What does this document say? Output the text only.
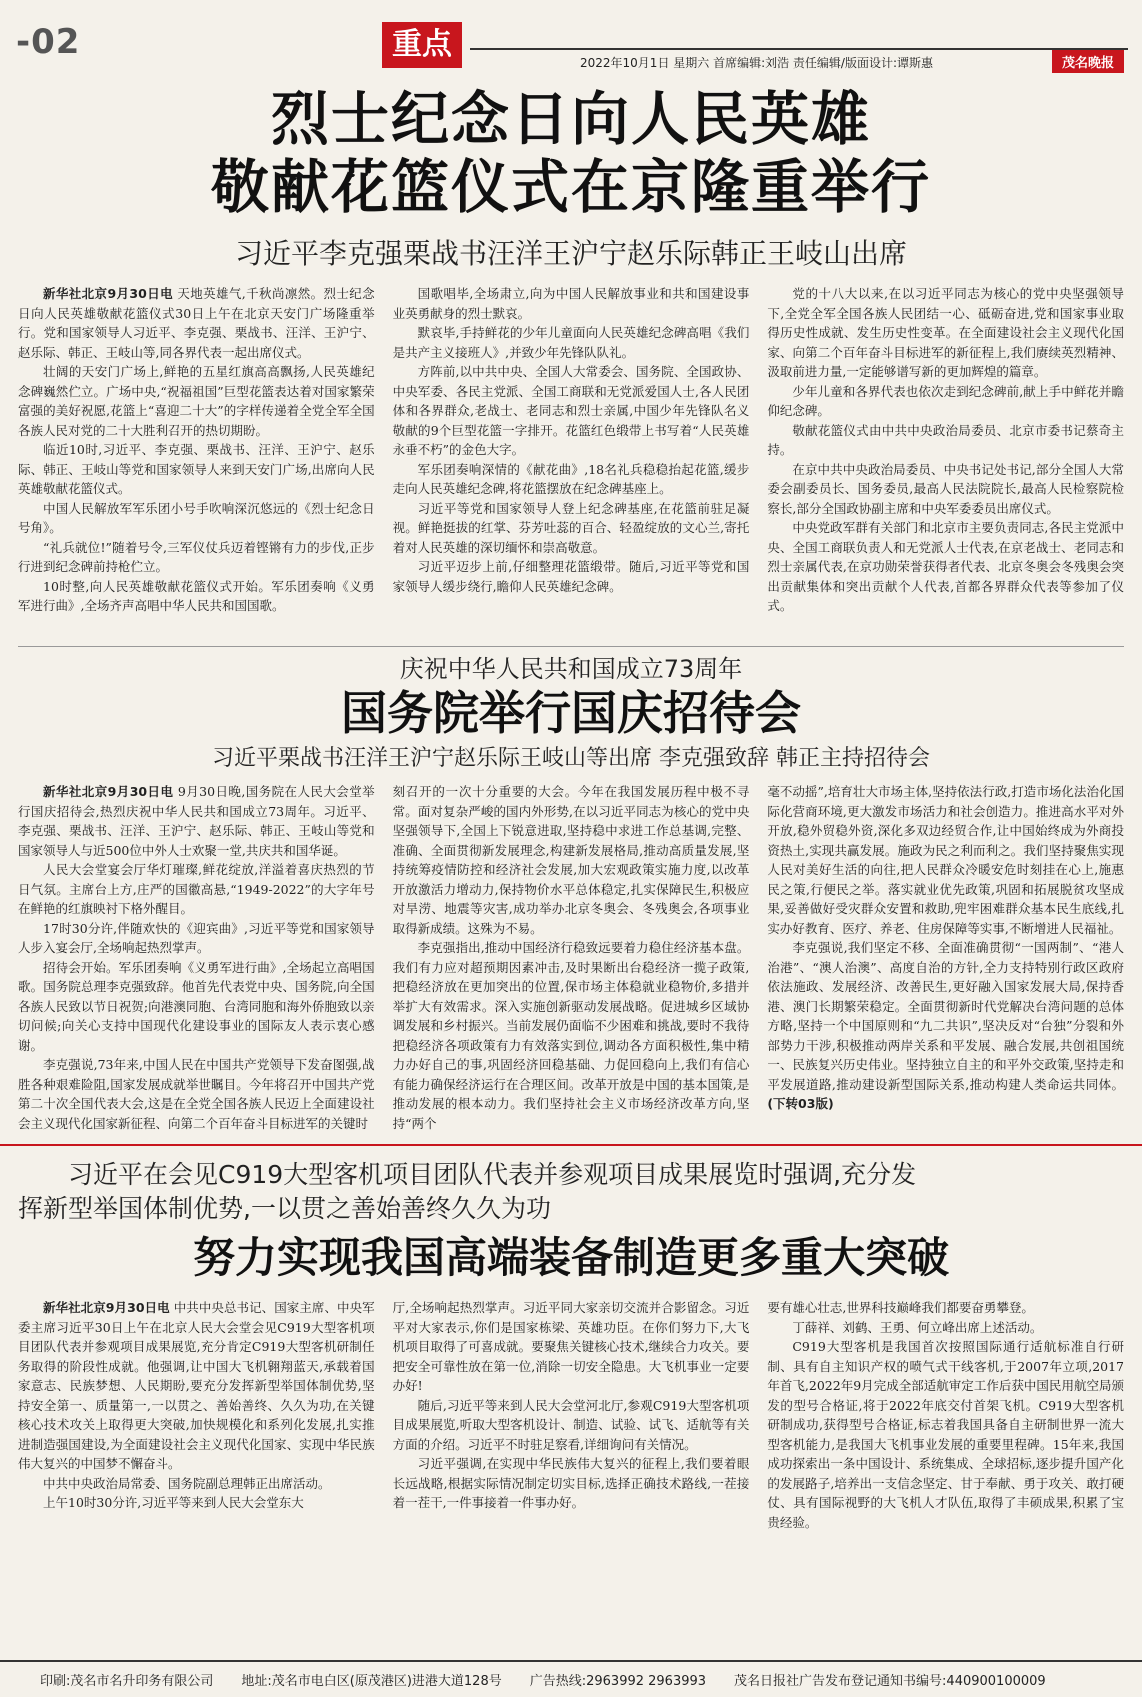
-02	重点
2022年10月1日 星期六 首席编辑:刘浩 责任编辑/版面设计:谭斯惠	茂名晚报
烈士纪念日向人民英雄
敬献花篮仪式在京隆重举行
习近平李克强栗战书汪洋王沪宁赵乐际韩正王岐山出席

新华社北京9月30日电 天地英雄气,千秋尚凛然。烈士纪念日向人民英雄敬献花篮仪式30日上午在北京天安门广场隆重举行。党和国家领导人习近平、李克强、栗战书、汪洋、王沪宁、赵乐际、韩正、王岐山等,同各界代表一起出席仪式。

壮阔的天安门广场上,鲜艳的五星红旗高高飘扬,人民英雄纪念碑巍然伫立。广场中央,“祝福祖国”巨型花篮表达着对国家繁荣富强的美好祝愿,花篮上“喜迎二十大”的字样传递着全党全军全国各族人民对党的二十大胜利召开的热切期盼。

临近10时,习近平、李克强、栗战书、汪洋、王沪宁、赵乐际、韩正、王岐山等党和国家领导人来到天安门广场,出席向人民英雄敬献花篮仪式。

中国人民解放军军乐团小号手吹响深沉悠远的《烈士纪念日号角》。

“礼兵就位!”随着号令,三军仪仗兵迈着铿锵有力的步伐,正步行进到纪念碑前持枪伫立。

10时整,向人民英雄敬献花篮仪式开始。军乐团奏响《义勇军进行曲》,全场齐声高唱中华人民共和国国歌。

国歌唱毕,全场肃立,向为中国人民解放事业和共和国建设事业英勇献身的烈士默哀。

默哀毕,手持鲜花的少年儿童面向人民英雄纪念碑高唱《我们是共产主义接班人》,并致少年先锋队队礼。

方阵前,以中共中央、全国人大常委会、国务院、全国政协、中央军委、各民主党派、全国工商联和无党派爱国人士,各人民团体和各界群众,老战士、老同志和烈士亲属,中国少年先锋队名义敬献的9个巨型花篮一字排开。花篮红色缎带上书写着“人民英雄永垂不朽”的金色大字。

军乐团奏响深情的《献花曲》,18名礼兵稳稳抬起花篮,缓步走向人民英雄纪念碑,将花篮摆放在纪念碑基座上。

习近平等党和国家领导人登上纪念碑基座,在花篮前驻足凝视。鲜艳挺拔的红掌、芬芳吐蕊的百合、轻盈绽放的文心兰,寄托着对人民英雄的深切缅怀和崇高敬意。

习近平迈步上前,仔细整理花篮缎带。随后,习近平等党和国家领导人缓步绕行,瞻仰人民英雄纪念碑。

党的十八大以来,在以习近平同志为核心的党中央坚强领导下,全党全军全国各族人民团结一心、砥砺奋进,党和国家事业取得历史性成就、发生历史性变革。在全面建设社会主义现代化国家、向第二个百年奋斗目标进军的新征程上,我们赓续英烈精神、汲取前进力量,一定能够谱写新的更加辉煌的篇章。

少年儿童和各界代表也依次走到纪念碑前,献上手中鲜花并瞻仰纪念碑。

敬献花篮仪式由中共中央政治局委员、北京市委书记蔡奇主持。

在京中共中央政治局委员、中央书记处书记,部分全国人大常委会副委员长、国务委员,最高人民法院院长,最高人民检察院检察长,部分全国政协副主席和中央军委委员出席仪式。

中央党政军群有关部门和北京市主要负责同志,各民主党派中央、全国工商联负责人和无党派人士代表,在京老战士、老同志和烈士亲属代表,在京功勋荣誉获得者代表、北京冬奥会冬残奥会突出贡献集体和突出贡献个人代表,首都各界群众代表等参加了仪式。

庆祝中华人民共和国成立73周年
国务院举行国庆招待会
习近平栗战书汪洋王沪宁赵乐际王岐山等出席 李克强致辞 韩正主持招待会

新华社北京9月30日电 9月30日晚,国务院在人民大会堂举行国庆招待会,热烈庆祝中华人民共和国成立73周年。习近平、李克强、栗战书、汪洋、王沪宁、赵乐际、韩正、王岐山等党和国家领导人与近500位中外人士欢聚一堂,共庆共和国华诞。

人民大会堂宴会厅华灯璀璨,鲜花绽放,洋溢着喜庆热烈的节日气氛。主席台上方,庄严的国徽高悬,“1949-2022”的大字年号在鲜艳的红旗映衬下格外醒目。

17时30分许,伴随欢快的《迎宾曲》,习近平等党和国家领导人步入宴会厅,全场响起热烈掌声。

招待会开始。军乐团奏响《义勇军进行曲》,全场起立高唱国歌。国务院总理李克强致辞。他首先代表党中央、国务院,向全国各族人民致以节日祝贺;向港澳同胞、台湾同胞和海外侨胞致以亲切问候;向关心支持中国现代化建设事业的国际友人表示衷心感谢。

李克强说,73年来,中国人民在中国共产党领导下发奋图强,战胜各种艰难险阻,国家发展成就举世瞩目。今年将召开中国共产党第二十次全国代表大会,这是在全党全国各族人民迈上全面建设社会主义现代化国家新征程、向第二个百年奋斗目标进军的关键时

刻召开的一次十分重要的大会。今年在我国发展历程中极不寻常。面对复杂严峻的国内外形势,在以习近平同志为核心的党中央坚强领导下,全国上下锐意进取,坚持稳中求进工作总基调,完整、准确、全面贯彻新发展理念,构建新发展格局,推动高质量发展,坚持统筹疫情防控和经济社会发展,加大宏观政策实施力度,以改革开放激活力增动力,保持物价水平总体稳定,扎实保障民生,积极应对旱涝、地震等灾害,成功举办北京冬奥会、冬残奥会,各项事业取得新成绩。这殊为不易。

李克强指出,推动中国经济行稳致远要着力稳住经济基本盘。我们有力应对超预期因素冲击,及时果断出台稳经济一揽子政策,把稳经济放在更加突出的位置,保市场主体稳就业稳物价,多措并举扩大有效需求。深入实施创新驱动发展战略。促进城乡区域协调发展和乡村振兴。当前发展仍面临不少困难和挑战,要时不我待把稳经济各项政策有力有效落实到位,调动各方面积极性,集中精力办好自己的事,巩固经济回稳基础、力促回稳向上,我们有信心有能力确保经济运行在合理区间。改革开放是中国的基本国策,是推动发展的根本动力。我们坚持社会主义市场经济改革方向,坚持“两个

毫不动摇”,培育壮大市场主体,坚持依法行政,打造市场化法治化国际化营商环境,更大激发市场活力和社会创造力。推进高水平对外开放,稳外贸稳外资,深化多双边经贸合作,让中国始终成为外商投资热土,实现共赢发展。施政为民之利而利之。我们坚持聚焦实现人民对美好生活的向往,把人民群众冷暖安危时刻挂在心上,施惠民之策,行便民之举。落实就业优先政策,巩固和拓展脱贫攻坚成果,妥善做好受灾群众安置和救助,兜牢困难群众基本民生底线,扎实办好教育、医疗、养老、住房保障等实事,不断增进人民福祉。

李克强说,我们坚定不移、全面准确贯彻“一国两制”、“港人治港”、“澳人治澳”、高度自治的方针,全力支持特别行政区政府依法施政、发展经济、改善民生,更好融入国家发展大局,保持香港、澳门长期繁荣稳定。全面贯彻新时代党解决台湾问题的总体方略,坚持一个中国原则和“九二共识”,坚决反对“台独”分裂和外部势力干涉,积极推动两岸关系和平发展、融合发展,共创祖国统一、民族复兴历史伟业。坚持独立自主的和平外交政策,坚持走和平发展道路,推动建设新型国际关系,推动构建人类命运共同体。(下转03版)

习近平在会见C919大型客机项目团队代表并参观项目成果展览时强调,充分发
挥新型举国体制优势,一以贯之善始善终久久为功
努力实现我国高端装备制造更多重大突破

新华社北京9月30日电 中共中央总书记、国家主席、中央军委主席习近平30日上午在北京人民大会堂会见C919大型客机项目团队代表并参观项目成果展览,充分肯定C919大型客机研制任务取得的阶段性成就。他强调,让中国大飞机翱翔蓝天,承载着国家意志、民族梦想、人民期盼,要充分发挥新型举国体制优势,坚持安全第一、质量第一,一以贯之、善始善终、久久为功,在关键核心技术攻关上取得更大突破,加快规模化和系列化发展,扎实推进制造强国建设,为全面建设社会主义现代化国家、实现中华民族伟大复兴的中国梦不懈奋斗。

中共中央政治局常委、国务院副总理韩正出席活动。

上午10时30分许,习近平等来到人民大会堂东大

厅,全场响起热烈掌声。习近平同大家亲切交流并合影留念。习近平对大家表示,你们是国家栋梁、英雄功臣。在你们努力下,大飞机项目取得了可喜成就。要聚焦关键核心技术,继续合力攻关。要把安全可靠性放在第一位,消除一切安全隐患。大飞机事业一定要办好!

随后,习近平等来到人民大会堂河北厅,参观C919大型客机项目成果展览,听取大型客机设计、制造、试验、试飞、适航等有关方面的介绍。习近平不时驻足察看,详细询问有关情况。

习近平强调,在实现中华民族伟大复兴的征程上,我们要着眼长远战略,根据实际情况制定切实目标,选择正确技术路线,一茬接着一茬干,一件事接着一件事办好。

要有雄心壮志,世界科技巅峰我们都要奋勇攀登。

丁薛祥、刘鹤、王勇、何立峰出席上述活动。

C919大型客机是我国首次按照国际通行适航标准自行研制、具有自主知识产权的喷气式干线客机,于2007年立项,2017年首飞,2022年9月完成全部适航审定工作后获中国民用航空局颁发的型号合格证,将于2022年底交付首架飞机。C919大型客机研制成功,获得型号合格证,标志着我国具备自主研制世界一流大型客机能力,是我国大飞机事业发展的重要里程碑。15年来,我国成功探索出一条中国设计、系统集成、全球招标,逐步提升国产化的发展路子,培养出一支信念坚定、甘于奉献、勇于攻关、敢打硬仗、具有国际视野的大飞机人才队伍,取得了丰硕成果,积累了宝贵经验。

印刷:茂名市名升印务有限公司 地址:茂名市电白区(原茂港区)进港大道128号 广告热线:2963992 2963993 茂名日报社广告发布登记通知书编号:440900100009
